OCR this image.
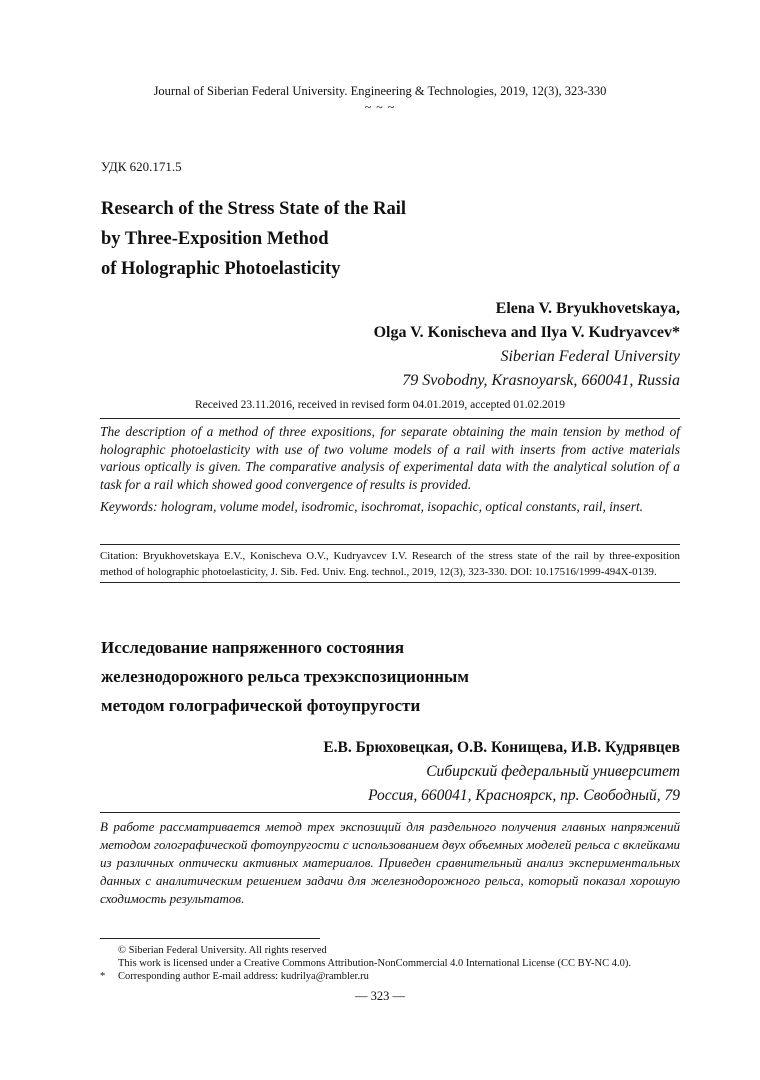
Journal of Siberian Federal University. Engineering & Technologies, 2019, 12(3), 323-330
~ ~ ~
УДК 620.171.5
Research of the Stress State of the Rail
by Three-Exposition Method
of Holographic Photoelasticity
Elena V. Bryukhovetskaya,
Olga V. Konischeva and Ilya V. Kudryavcev*
Siberian Federal University
79 Svobodny, Krasnoyarsk, 660041, Russia
Received 23.11.2016, received in revised form 04.01.2019, accepted 01.02.2019
The description of a method of three expositions, for separate obtaining the main tension by method of holographic photoelasticity with use of two volume models of a rail with inserts from active materials various optically is given. The comparative analysis of experimental data with the analytical solution of a task for a rail which showed good convergence of results is provided.
Keywords: hologram, volume model, isodromic, isochromat, isopachic, optical constants, rail, insert.
Citation: Bryukhovetskaya E.V., Konischeva O.V., Kudryavcev I.V. Research of the stress state of the rail by three-exposition method of holographic photoelasticity, J. Sib. Fed. Univ. Eng. technol., 2019, 12(3), 323-330. DOI: 10.17516/1999-494X-0139.
Исследование напряженного состояния
железнодорожного рельса трехэкспозиционным
методом голографической фотоупругости
Е.В. Брюховецкая, О.В. Конищева, И.В. Кудрявцев
Сибирский федеральный университет
Россия, 660041, Красноярск, пр. Свободный, 79
В работе рассматривается метод трех экспозиций для раздельного получения главных напряжений методом голографической фотоупругости с использованием двух объемных моделей рельса с вклейками из различных оптически активных материалов. Приведен сравнительный анализ экспериментальных данных с аналитическим решением задачи для железнодорожного рельса, который показал хорошую сходимость результатов.
© Siberian Federal University. All rights reserved
This work is licensed under a Creative Commons Attribution-NonCommercial 4.0 International License (CC BY-NC 4.0).
* Corresponding author E-mail address: kudrilya@rambler.ru
— 323 —
